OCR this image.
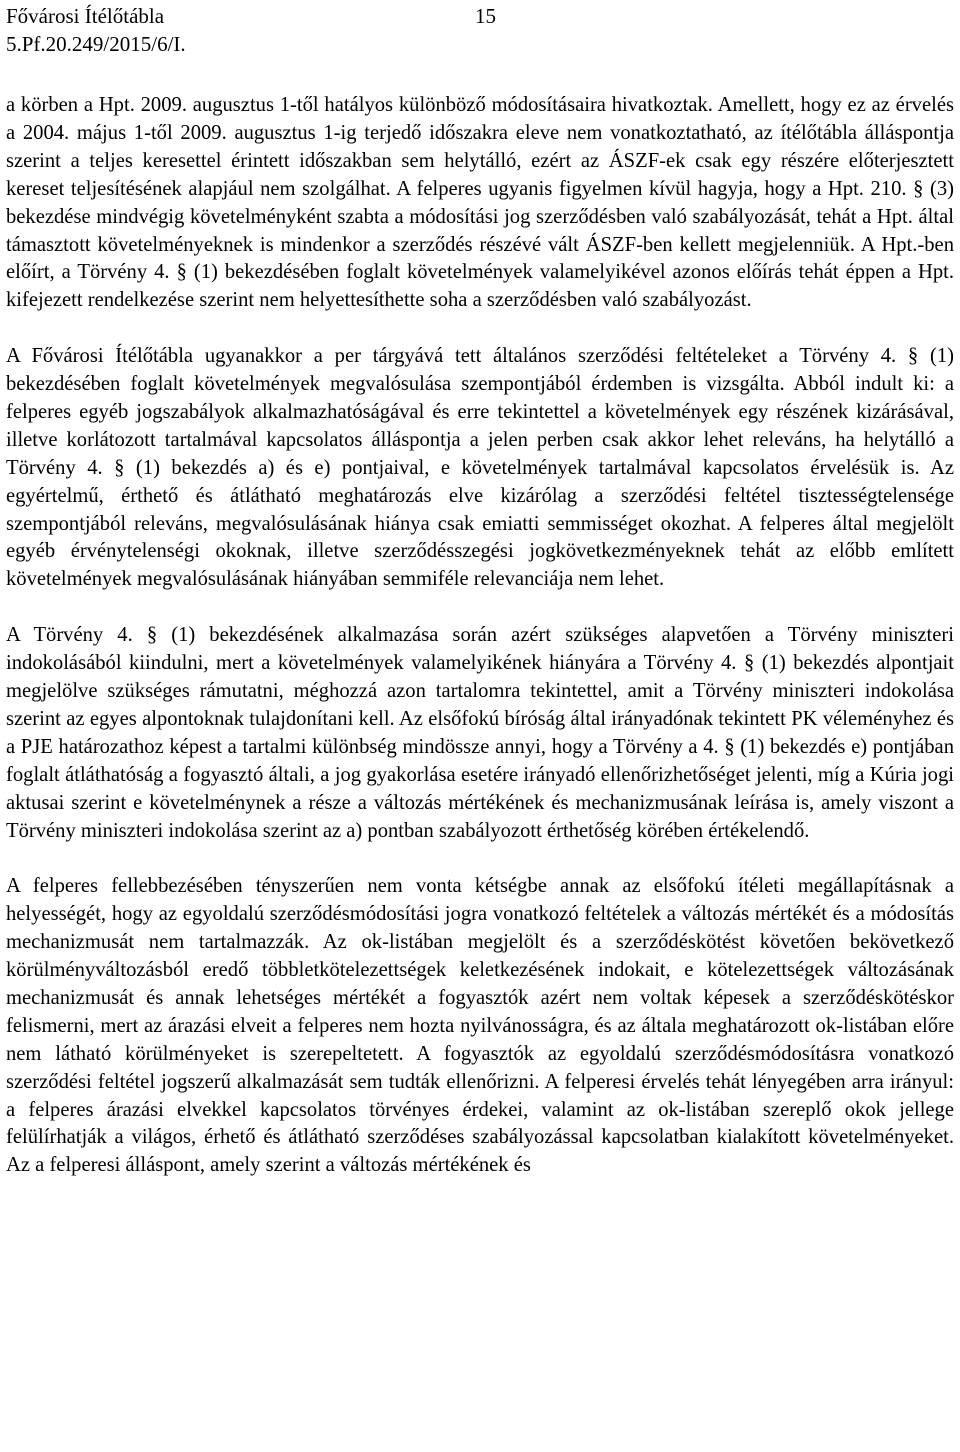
Fővárosi Ítélőtábla
5.Pf.20.249/2015/6/I.
15

a körben a Hpt. 2009. augusztus 1-től hatályos különböző módosításaira hivatkoztak. Amellett, hogy ez az érvelés a 2004. május 1-től 2009. augusztus 1-ig terjedő időszakra eleve nem vonatkoztatható, az ítélőtábla álláspontja szerint a teljes keresettel érintett időszakban sem helytálló, ezért az ÁSZF-ek csak egy részére előterjesztett kereset teljesítésének alapjául nem szolgálhat. A felperes ugyanis figyelmen kívül hagyja, hogy a Hpt. 210. § (3) bekezdése mindvégig követelményként szabta a módosítási jog szerződésben való szabályozását, tehát a Hpt. által támasztott követelményeknek is mindenkor a szerződés részévé vált ÁSZF-ben kellett megjelenniük. A Hpt.-ben előírt, a Törvény 4. § (1) bekezdésében foglalt követelmények valamelyikével azonos előírás tehát éppen a Hpt. kifejezett rendelkezése szerint nem helyettesíthette soha a szerződésben való szabályozást.

A Fővárosi Ítélőtábla ugyanakkor a per tárgyává tett általános szerződési feltételeket a Törvény 4. § (1) bekezdésében foglalt követelmények megvalósulása szempontjából érdemben is vizsgálta. Abból indult ki: a felperes egyéb jogszabályok alkalmazhatóságával és erre tekintettel a követelmények egy részének kizárásával, illetve korlátozott tartalmával kapcsolatos álláspontja a jelen perben csak akkor lehet releváns, ha helytálló a Törvény 4. § (1) bekezdés a) és e) pontjaival, e követelmények tartalmával kapcsolatos érvelésük is. Az egyértelmű, érthető és átlátható meghatározás elve kizárólag a szerződési feltétel tisztességtelensége szempontjából releváns, megvalósulásának hiánya csak emiatti semmisséget okozhat. A felperes által megjelölt egyéb érvénytelenségi okoknak, illetve szerződésszegési jogkövetkezményeknek tehát az előbb említett követelmények megvalósulásának hiányában semmiféle relevanciája nem lehet.

A Törvény 4. § (1) bekezdésének alkalmazása során azért szükséges alapvetően a Törvény miniszteri indokolásából kiindulni, mert a követelmények valamelyikének hiányára a Törvény 4. § (1) bekezdés alpontjait megjelölve szükséges rámutatni, méghozzá azon tartalomra tekintettel, amit a Törvény miniszteri indokolása szerint az egyes alpontoknak tulajdonítani kell. Az elsőfokú bíróság által irányadónak tekintett PK véleményhez és a PJE határozathoz képest a tartalmi különbség mindössze annyi, hogy a Törvény a 4. § (1) bekezdés e) pontjában foglalt átláthatóság a fogyasztó általi, a jog gyakorlása esetére irányadó ellenőrizhetőséget jelenti, míg a Kúria jogi aktusai szerint e követelménynek a része a változás mértékének és mechanizmusának leírása is, amely viszont a Törvény miniszteri indokolása szerint az a) pontban szabályozott érthetőség körében értékelendő.

A felperes fellebbezésében tényszerűen nem vonta kétségbe annak az elsőfokú ítéleti megállapításnak a helyességét, hogy az egyoldalú szerződésmódosítási jogra vonatkozó feltételek a változás mértékét és a módosítás mechanizmusát nem tartalmazzák. Az ok-listában megjelölt és a szerződéskötést követően bekövetkező körülményváltozásból eredő többletkötelezettségek keletkezésének indokait, e kötelezettségek változásának mechanizmusát és annak lehetséges mértékét a fogyasztók azért nem voltak képesek a szerződéskötéskor felismerni, mert az árazási elveit a felperes nem hozta nyilvánosságra, és az általa meghatározott ok-listában előre nem látható körülményeket is szerepeltetett. A fogyasztók az egyoldalú szerződésmódosításra vonatkozó szerződési feltétel jogszerű alkalmazását sem tudták ellenőrizni. A felperesi érvelés tehát lényegében arra irányul: a felperes árazási elvekkel kapcsolatos törvényes érdekei, valamint az ok-listában szereplő okok jellege felülírhatják a világos, érhető és átlátható szerződéses szabályozással kapcsolatban kialakított követelményeket. Az a felperesi álláspont, amely szerint a változás mértékének és
